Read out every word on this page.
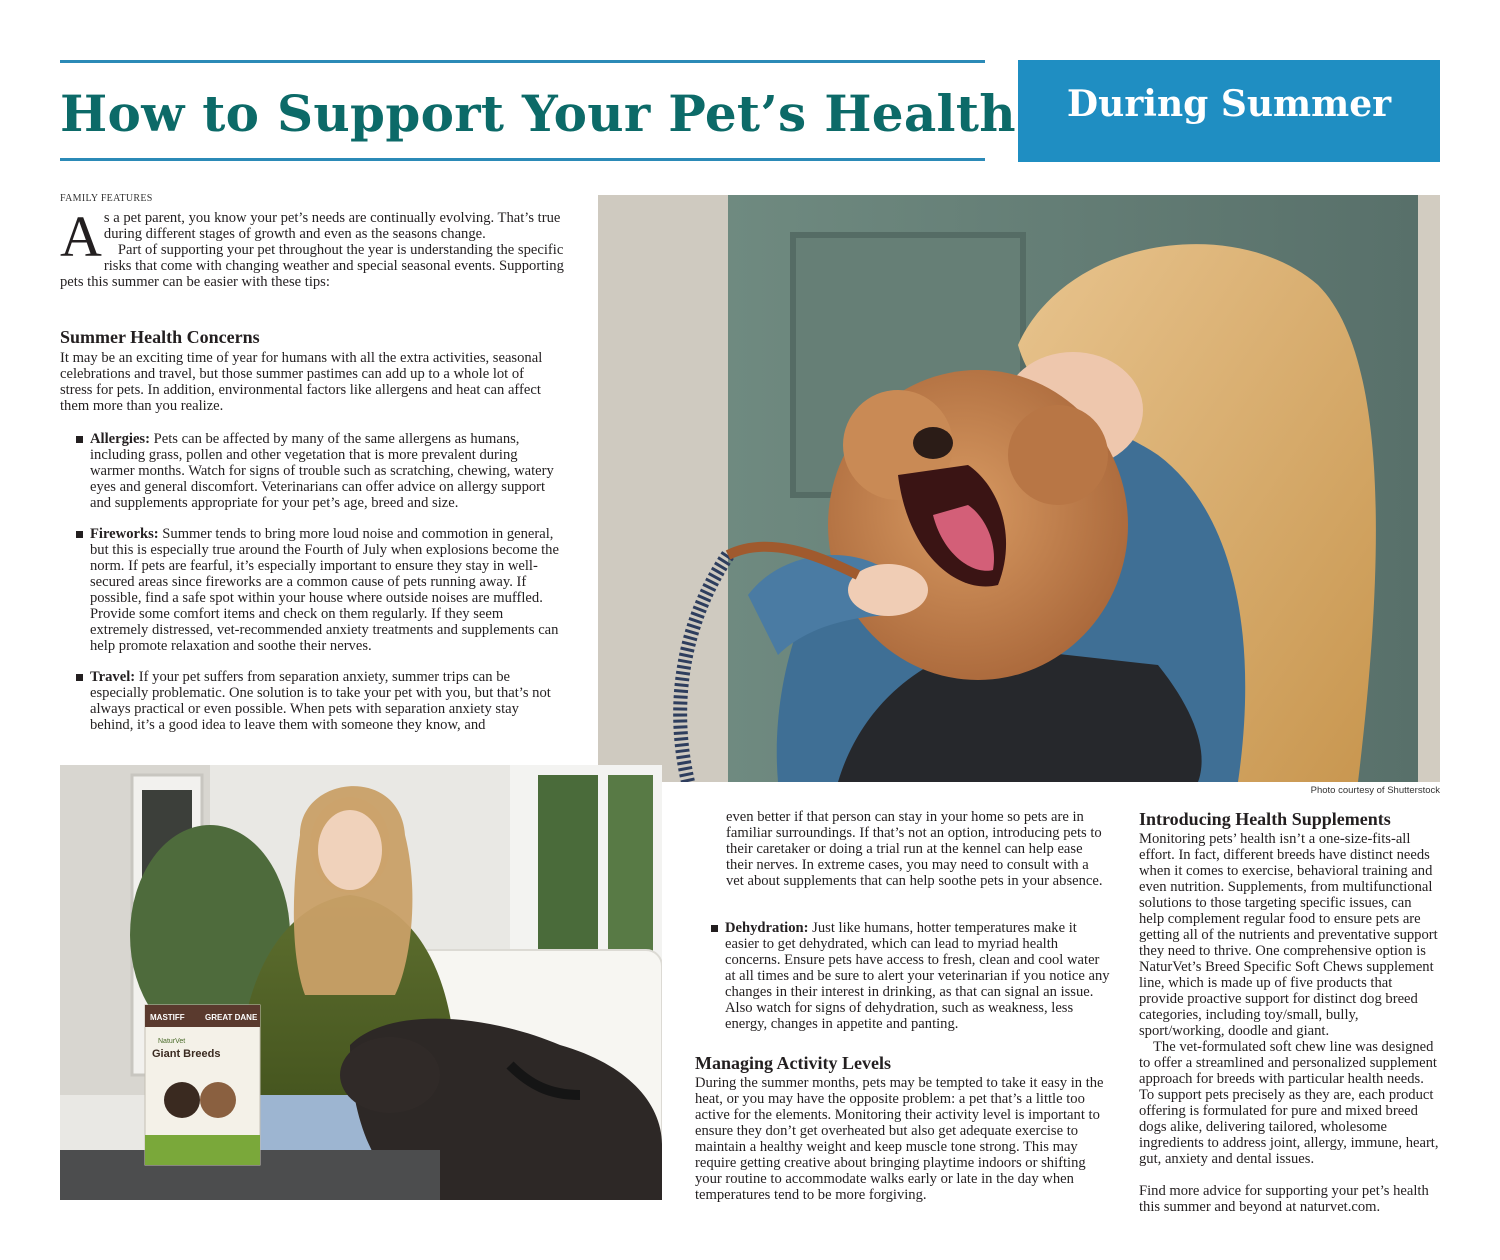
How to Support Your Pet’s Health	During Summer
FAMILY FEATURES

As a pet parent, you know your pet’s needs are continually evolving. That’s true during different stages of growth and even as the seasons change.

Part of supporting your pet throughout the year is understanding the specific risks that come with changing weather and special seasonal events. Supporting pets this summer can be easier with these tips:

Summer Health Concerns

It may be an exciting time of year for humans with all the extra activities, seasonal celebrations and travel, but those summer pastimes can add up to a whole lot of stress for pets. In addition, environmental factors like allergens and heat can affect them more than you realize.

Allergies: Pets can be affected by many of the same allergens as humans, including grass, pollen and other vegetation that is more prevalent during warmer months. Watch for signs of trouble such as scratching, chewing, watery eyes and general discomfort. Veterinarians can offer advice on allergy support and supplements appropriate for your pet’s age, breed and size.

Fireworks: Summer tends to bring more loud noise and commotion in general, but this is especially true around the Fourth of July when explosions become the norm. If pets are fearful, it’s especially important to ensure they stay in well-secured areas since fireworks are a common cause of pets running away. If possible, find a safe spot within your house where outside noises are muffled. Provide some comfort items and check on them regularly. If they seem extremely distressed, vet-recommended anxiety treatments and supplements can help promote relaxation and soothe their nerves.

Travel: If your pet suffers from separation anxiety, summer trips can be especially problematic. One solution is to take your pet with you, but that’s not always practical or even possible. When pets with separation anxiety stay behind, it’s a good idea to leave them with someone they know, and

Photo courtesy of Shutterstock
MASTIFF	GREAT DANE
NaturVet
Giant Breeds

even better if that person can stay in your home so pets are in familiar surroundings. If that’s not an option, introducing pets to their caretaker or doing a trial run at the kennel can help ease their nerves. In extreme cases, you may need to consult with a vet about supplements that can help soothe pets in your absence.

Dehydration: Just like humans, hotter temperatures make it easier to get dehydrated, which can lead to myriad health concerns. Ensure pets have access to fresh, clean and cool water at all times and be sure to alert your veterinarian if you notice any changes in their interest in drinking, as that can signal an issue. Also watch for signs of dehydration, such as weakness, less energy, changes in appetite and panting.

Managing Activity Levels

During the summer months, pets may be tempted to take it easy in the heat, or you may have the opposite problem: a pet that’s a little too active for the elements. Monitoring their activity level is important to ensure they don’t get overheated but also get adequate exercise to maintain a healthy weight and keep muscle tone strong. This may require getting creative about bringing playtime indoors or shifting your routine to accommodate walks early or late in the day when temperatures tend to be more forgiving.

Introducing Health Supplements

Monitoring pets’ health isn’t a one-size-fits-all effort. In fact, different breeds have distinct needs when it comes to exercise, behavioral training and even nutrition. Supplements, from multifunctional solutions to those targeting specific issues, can help complement regular food to ensure pets are getting all of the nutrients and preventative support they need to thrive. One comprehensive option is NaturVet’s Breed Specific Soft Chews supplement line, which is made up of five products that provide proactive support for distinct dog breed categories, including toy/small, bully, sport/working, doodle and giant.

The vet-formulated soft chew line was designed to offer a streamlined and personalized supplement approach for breeds with particular health needs. To support pets precisely as they are, each product offering is formulated for pure and mixed breed dogs alike, delivering tailored, wholesome ingredients to address joint, allergy, immune, heart, gut, anxiety and dental issues.

Find more advice for supporting your pet’s health this summer and beyond at naturvet.com.
